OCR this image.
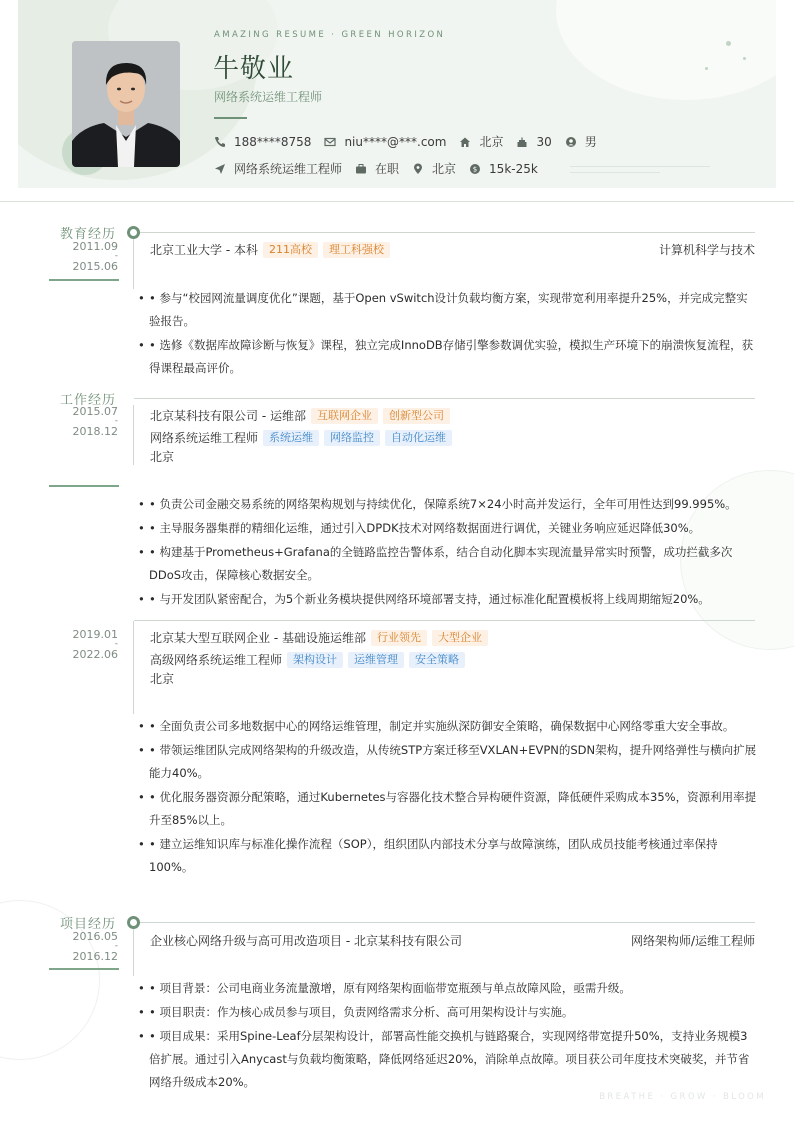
AMAZING RESUME · GREEN HORIZON
牛敬业
网络系统运维工程师
188****8758	niu****@***.com	北京	30	男
网络系统运维工程师	在职	北京 $ 15k-25k
教育经历
2011.09
-
2015.06
北京工业大学 - 本科	211高校	理工科强校	计算机科学与技术
• • 参与“校园网流量调度优化”课题，基于Open vSwitch设计负载均衡方案，实现带宽利用率提升25%，并完成完整实验报告。
• • 选修《数据库故障诊断与恢复》课程，独立完成InnoDB存储引擎参数调优实验，模拟生产环境下的崩溃恢复流程，获得课程最高评价。
工作经历
2015.07
-
2018.12
北京某科技有限公司 - 运维部	互联网企业	创新型公司
网络系统运维工程师	系统运维	网络监控	自动化运维
北京
• • 负责公司金融交易系统的网络架构规划与持续优化，保障系统7×24小时高并发运行，全年可用性达到99.995%。
• • 主导服务器集群的精细化运维，通过引入DPDK技术对网络数据面进行调优，关键业务响应延迟降低30%。
• • 构建基于Prometheus+Grafana的全链路监控告警体系，结合自动化脚本实现流量异常实时预警，成功拦截多次DDoS攻击，保障核心数据安全。
• • 与开发团队紧密配合，为5个新业务模块提供网络环境部署支持，通过标准化配置模板将上线周期缩短20%。
2019.01
-
2022.06
北京某大型互联网企业 - 基础设施运维部	行业领先	大型企业
高级网络系统运维工程师	架构设计	运维管理	安全策略
北京
• • 全面负责公司多地数据中心的网络运维管理，制定并实施纵深防御安全策略，确保数据中心网络零重大安全事故。
• • 带领运维团队完成网络架构的升级改造，从传统STP方案迁移至VXLAN+EVPN的SDN架构，提升网络弹性与横向扩展能力40%。
• • 优化服务器资源分配策略，通过Kubernetes与容器化技术整合异构硬件资源，降低硬件采购成本35%，资源利用率提升至85%以上。
• • 建立运维知识库与标准化操作流程（SOP），组织团队内部技术分享与故障演练，团队成员技能考核通过率保持100%。
项目经历
2016.05
-
2016.12
企业核心网络升级与高可用改造项目 - 北京某科技有限公司	网络架构师/运维工程师
• • 项目背景：公司电商业务流量激增，原有网络架构面临带宽瓶颈与单点故障风险，亟需升级。
• • 项目职责：作为核心成员参与项目，负责网络需求分析、高可用架构设计与实施。
• • 项目成果：采用Spine-Leaf分层架构设计，部署高性能交换机与链路聚合，实现网络带宽提升50%，支持业务规模3倍扩展。通过引入Anycast与负载均衡策略，降低网络延迟20%，消除单点故障。项目获公司年度技术突破奖，并节省网络升级成本20%。
BREATHE · GROW · BLOOM
